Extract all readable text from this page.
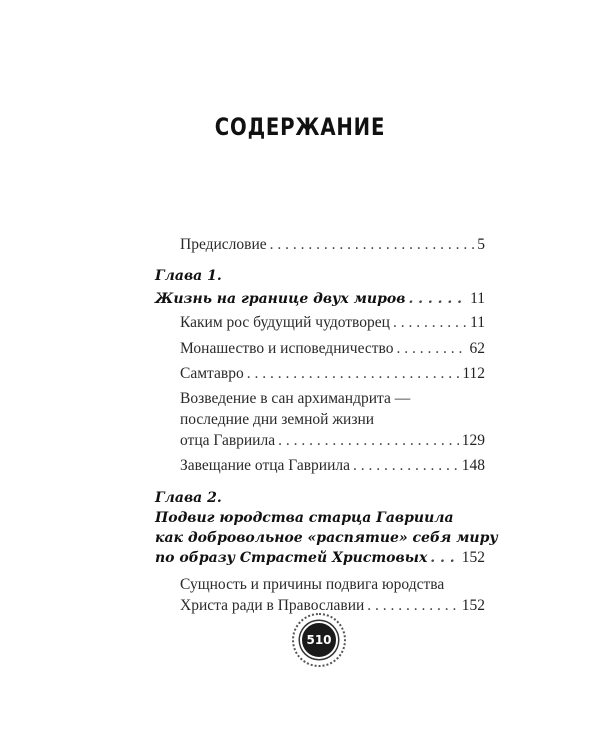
СОДЕРЖАНИЕ
Предисловие . . .	5
Глава 1.
Жизнь на границе двух миров . . .	11
Каким рос будущий чудотворец . . .	11
Монашество и исповедничество . . .	62
Самтавро . . .	112
Возведение в сан архимандрита —
последние дни земной жизни
отца Гавриила . . .	129
Завещание отца Гавриила . . .	148
Глава 2.
Подвиг юродства старца Гавриила
как добровольное «распятие» себя миру
по образу Страстей Христовых . . . 152
Сущность и причины подвига юродства
Христа ради в Православии . . .	152
510
